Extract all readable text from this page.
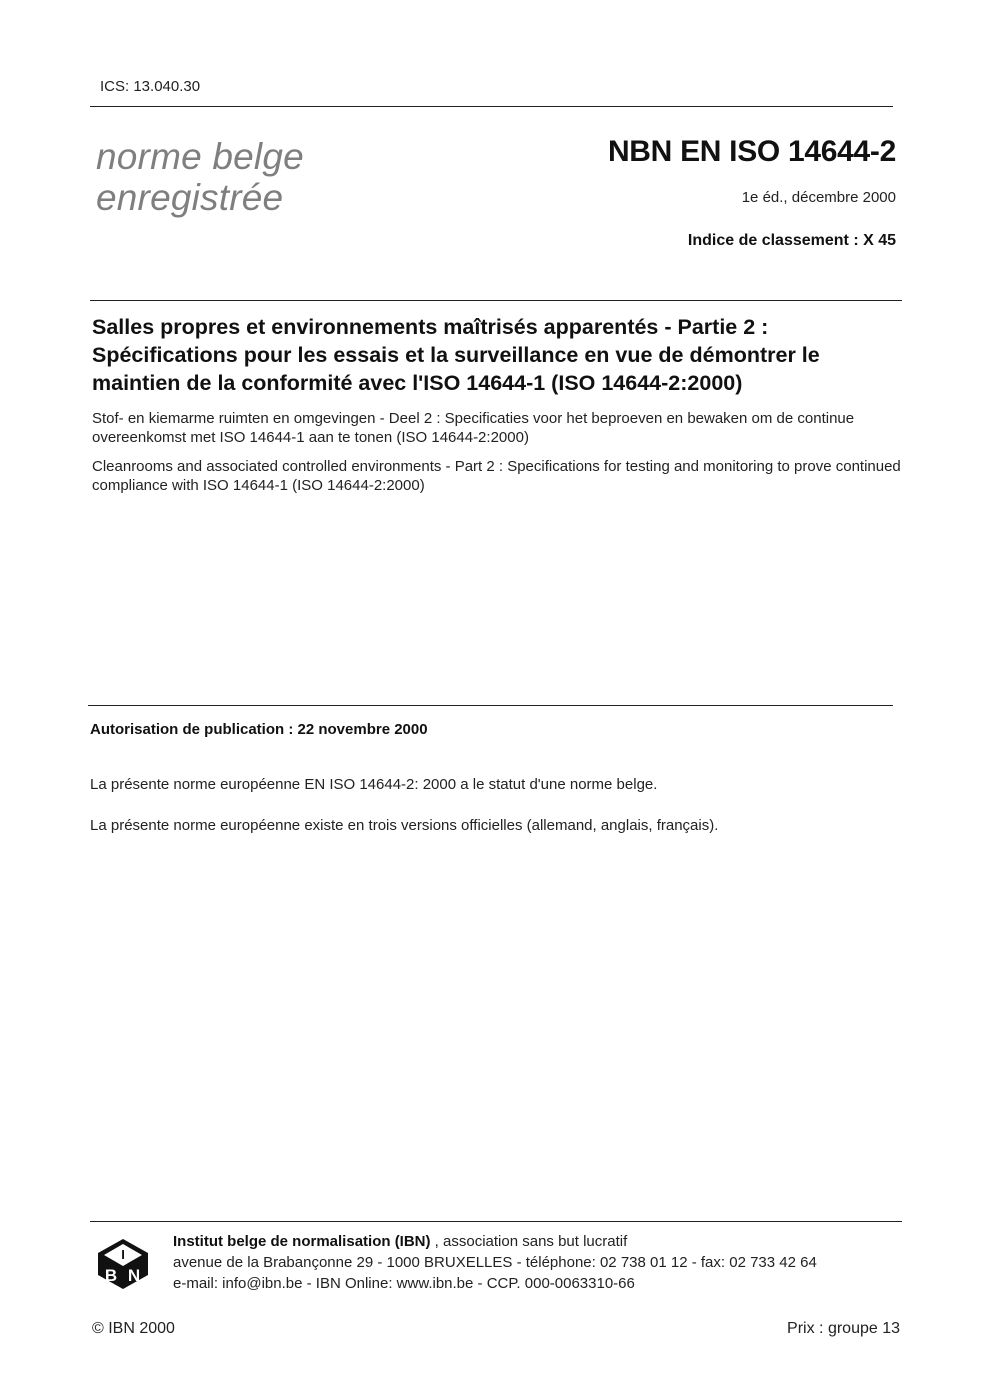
ICS: 13.040.30
norme belge
enregistrée
NBN EN ISO 14644-2
1e éd., décembre 2000
Indice de classement : X 45
Salles propres et environnements maîtrisés apparentés - Partie 2 : Spécifications pour les essais et la surveillance en vue de démontrer le maintien de la conformité avec l'ISO 14644-1 (ISO 14644-2:2000)
Stof- en kiemarme ruimten en omgevingen - Deel 2 : Specificaties voor het beproeven en bewaken om de continue overeenkomst met ISO 14644-1 aan te tonen (ISO 14644-2:2000)
Cleanrooms and associated controlled environments - Part 2 : Specifications for testing and monitoring to prove continued compliance with ISO 14644-1 (ISO 14644-2:2000)
Autorisation de publication : 22 novembre 2000
La présente norme européenne EN ISO 14644-2: 2000 a le statut d'une norme belge.
La présente norme européenne existe en trois versions officielles (allemand, anglais, français).
I
B N
IBN
Institut belge de normalisation (IBN) , association sans but lucratif
avenue de la Brabançonne 29 - 1000 BRUXELLES - téléphone: 02 738 01 12 - fax: 02 733 42 64
e-mail: info@ibn.be - IBN Online: www.ibn.be - CCP. 000-0063310-66
© IBN 2000	Prix : groupe 13
